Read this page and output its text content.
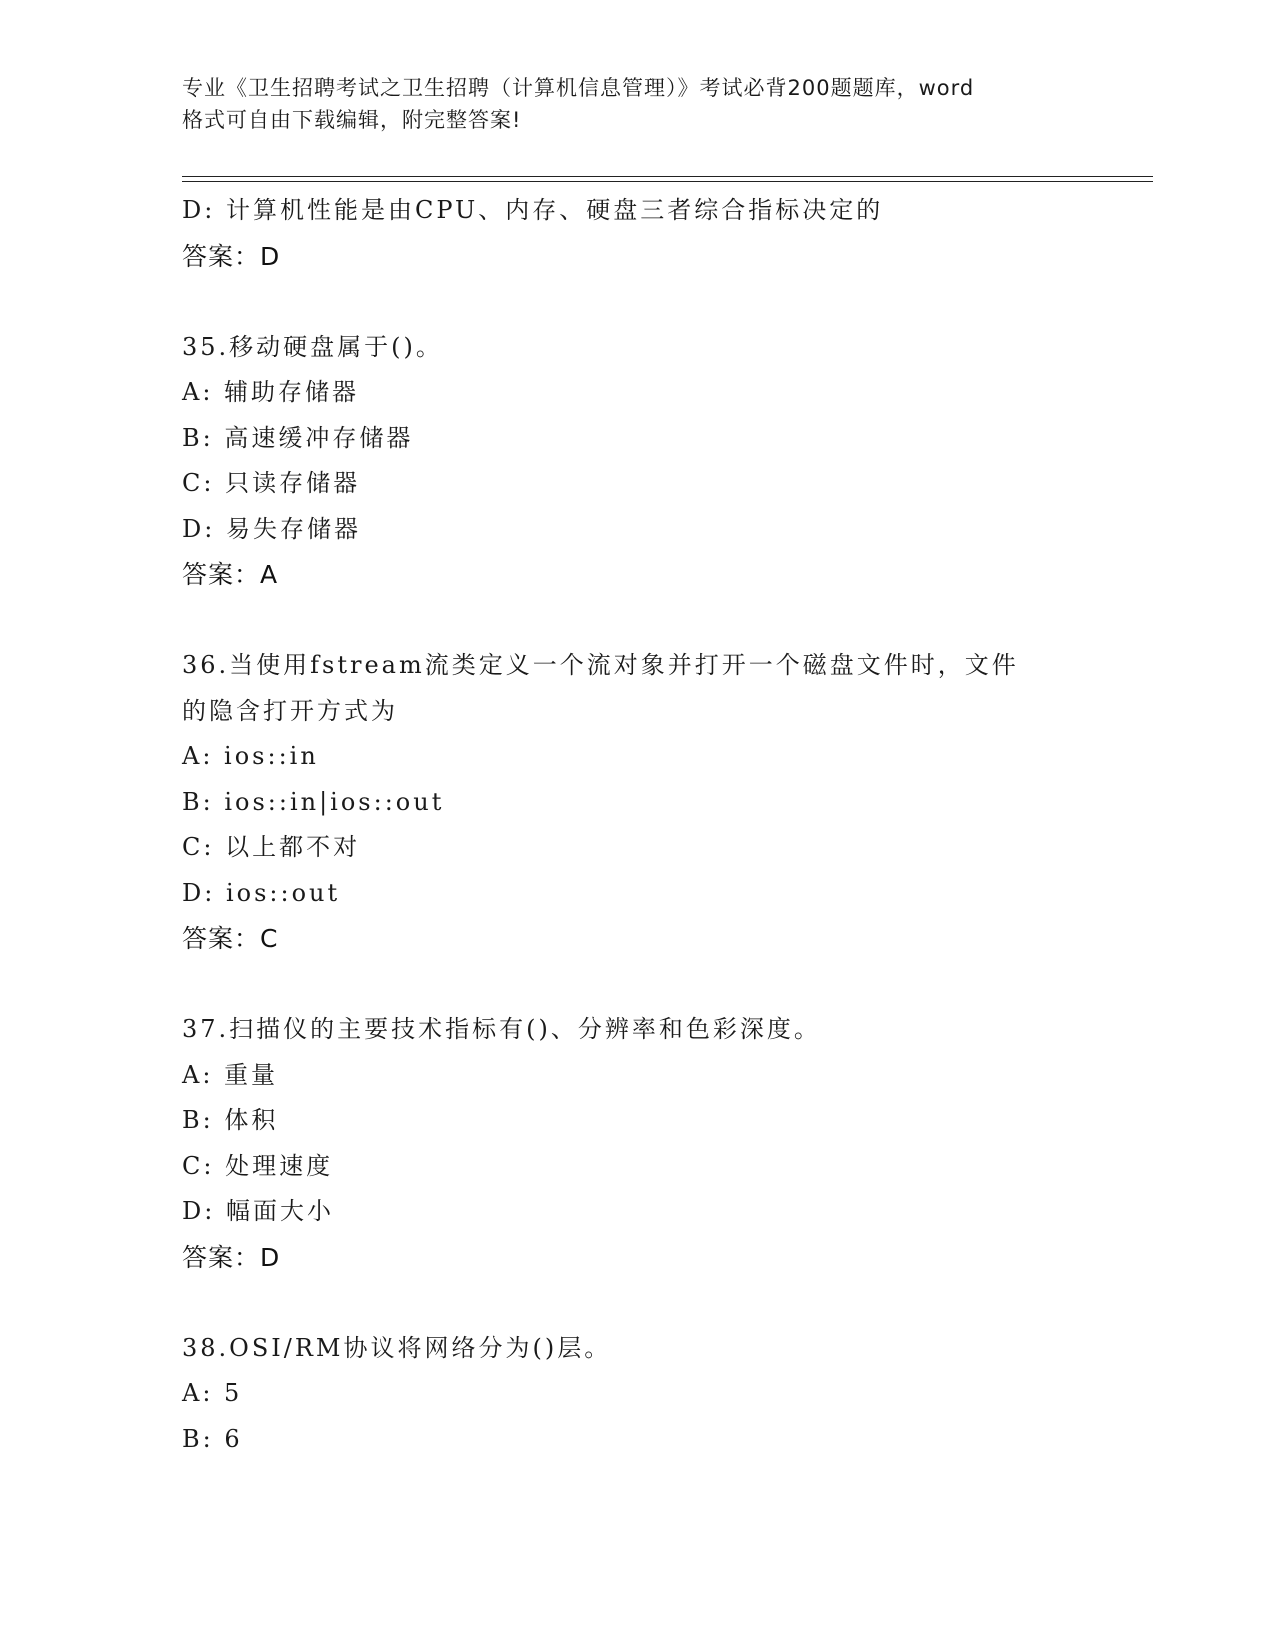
专业《卫生招聘考试之卫生招聘（计算机信息管理）》考试必背200题题库，word
格式可自由下载编辑，附完整答案!
D: 计算机性能是由CPU、内存、硬盘三者综合指标决定的
答案：D
35.移动硬盘属于()。
A: 辅助存储器
B: 高速缓冲存储器
C: 只读存储器
D: 易失存储器
答案：A
36.当使用fstream流类定义一个流对象并打开一个磁盘文件时，文件
的隐含打开方式为
A: ios::in
B: ios::in|ios::out
C: 以上都不对
D: ios::out
答案：C
37.扫描仪的主要技术指标有()、分辨率和色彩深度。
A: 重量
B: 体积
C: 处理速度
D: 幅面大小
答案：D
38.OSI/RM协议将网络分为()层。
A: 5
B: 6
